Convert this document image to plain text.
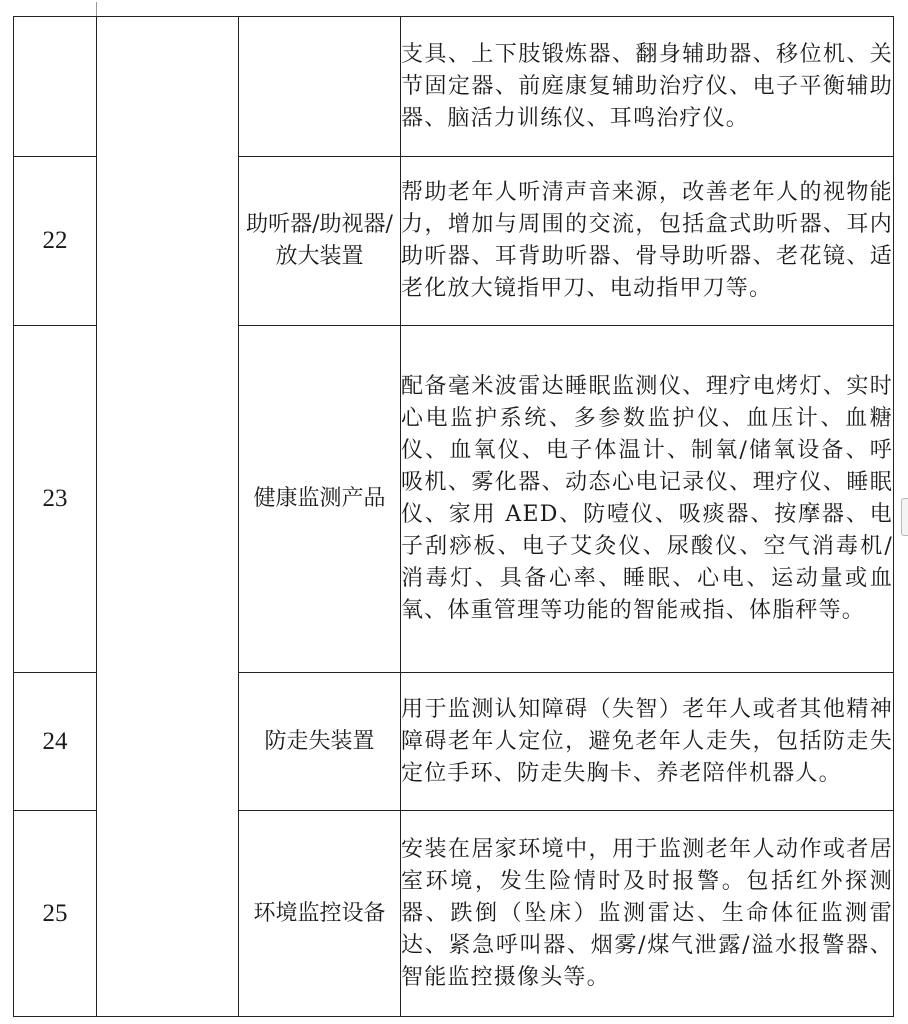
			支具、上下肢锻炼器、翻身辅助器、移位机、关节固定器、前庭康复辅助治疗仪、电子平衡辅助器、脑活力训练仪、耳鸣治疗仪。
22		助听器/助视器/放大装置	帮助老年人听清声音来源，改善老年人的视物能力，增加与周围的交流，包括盒式助听器、耳内助听器、耳背助听器、骨导助听器、老花镜、适老化放大镜指甲刀、电动指甲刀等。
23		健康监测产品	配备毫米波雷达睡眠监测仪、理疗电烤灯、实时心电监护系统、多参数监护仪、血压计、血糖仪、血氧仪、电子体温计、制氧/储氧设备、呼吸机、雾化器、动态心电记录仪、理疗仪、睡眠仪、家用 AED、防噎仪、吸痰器、按摩器、电子刮痧板、电子艾灸仪、尿酸仪、空气消毒机/消毒灯、具备心率、睡眠、心电、运动量或血氧、体重管理等功能的智能戒指、体脂秤等。
24		防走失装置	用于监测认知障碍（失智）老年人或者其他精神障碍老年人定位，避免老年人走失，包括防走失定位手环、防走失胸卡、养老陪伴机器人。
25		环境监控设备	安装在居家环境中，用于监测老年人动作或者居室环境，发生险情时及时报警。包括红外探测器、跌倒（坠床）监测雷达、生命体征监测雷达、紧急呼叫器、烟雾/煤气泄露/溢水报警器、智能监控摄像头等。
